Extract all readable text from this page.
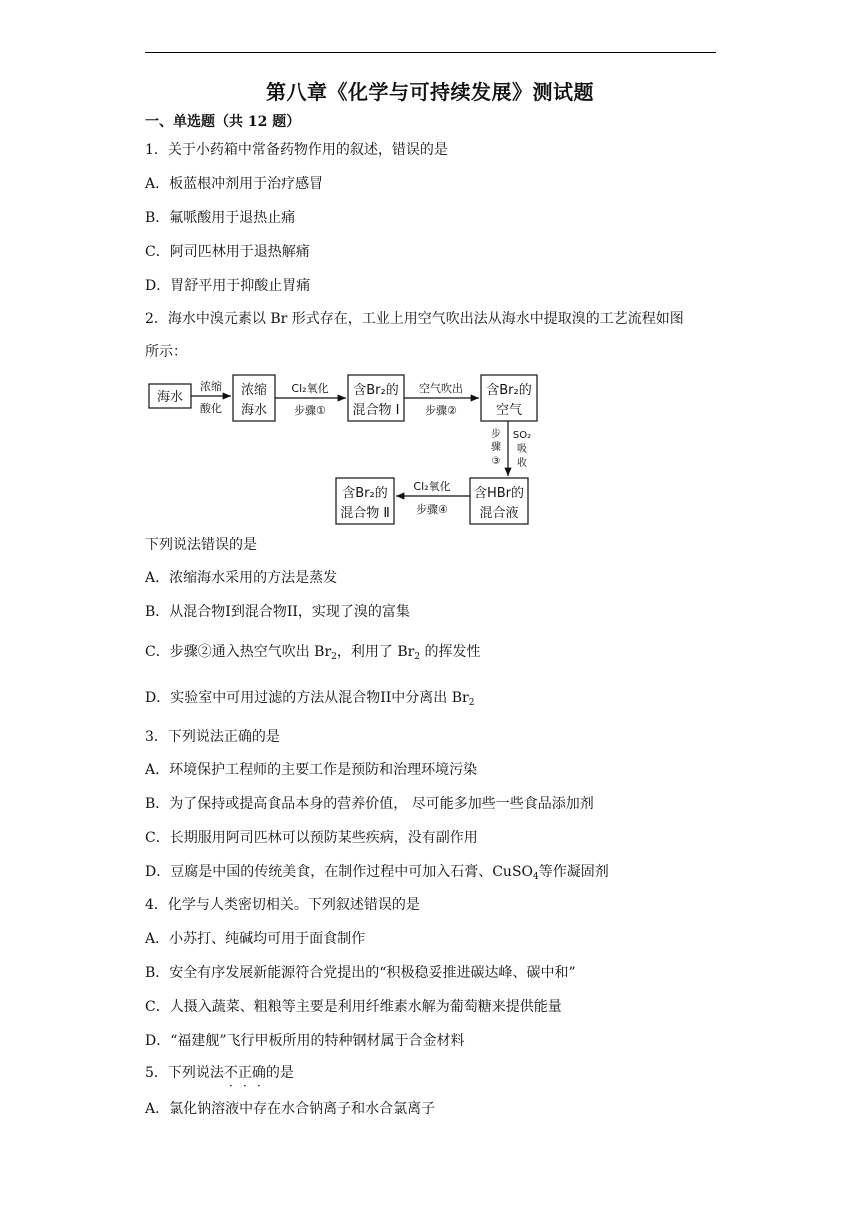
第八章《化学与可持续发展》测试题
一、单选题（共 12 题）
1．关于小药箱中常备药物作用的叙述，错误的是
A．板蓝根冲剂用于治疗感冒
B．氟哌酸用于退热止痛
C．阿司匹林用于退热解痛
D．胃舒平用于抑酸止胃痛
2．海水中溴元素以 Br 形式存在，工业上用空气吹出法从海水中提取溴的工艺流程如图
所示：
海水	浓缩
海水
含Br₂的
混合物 Ⅰ
含Br₂的
空气
含HBr的
混合液
含Br₂的
混合物 Ⅱ
浓缩
酸化
Cl₂氧化
步骤①
空气吹出
步骤②
Cl₂氧化
步骤④
步
骤
③
SO₂
吸
收
下列说法错误的是
A．浓缩海水采用的方法是蒸发
B．从混合物I到混合物II，实现了溴的富集
C．步骤②通入热空气吹出 $Br_2$，利用了 $Br_2$ 的挥发性
D．实验室中可用过滤的方法从混合物II中分离出 $Br_2$
3．下列说法正确的是
A．环境保护工程师的主要工作是预防和治理环境污染
B．为了保持或提高食品本身的营养价值， 尽可能多加些一些食品添加剂
C．长期服用阿司匹林可以预防某些疾病，没有副作用
D．豆腐是中国的传统美食，在制作过程中可加入石膏、CuSO$_4$等作凝固剂
4．化学与人类密切相关。下列叙述错误的是
A．小苏打、纯碱均可用于面食制作
B．安全有序发展新能源符合党提出的“积极稳妥推进碳达峰、碳中和”
C．人摄入蔬菜、粗粮等主要是利用纤维素水解为葡萄糖来提供能量
D．“福建舰”飞行甲板所用的特种钢材属于合金材料
5．下列说法不正确的是
A．氯化钠溶液中存在水合钠离子和水合氯离子
